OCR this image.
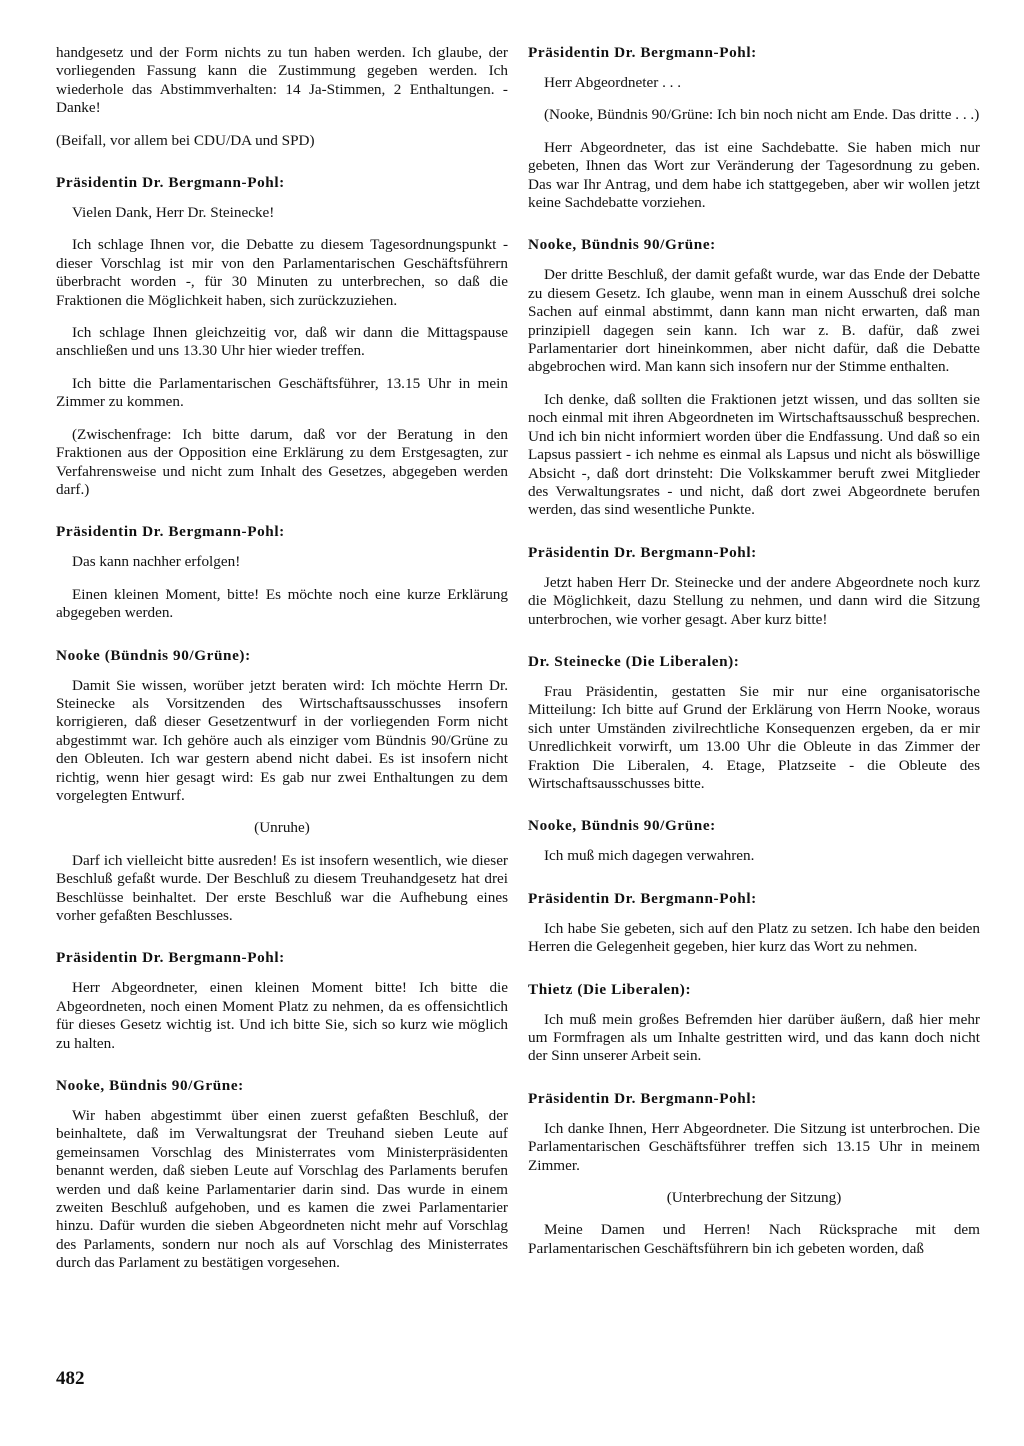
handgesetz und der Form nichts zu tun haben werden. Ich glaube, der vorliegenden Fassung kann die Zustimmung gegeben werden. Ich wiederhole das Abstimmverhalten: 14 Ja-Stimmen, 2 Enthaltungen. - Danke!

(Beifall, vor allem bei CDU/DA und SPD)

Präsidentin Dr. Bergmann-Pohl:

Vielen Dank, Herr Dr. Steinecke!

Ich schlage Ihnen vor, die Debatte zu diesem Tagesordnungspunkt - dieser Vorschlag ist mir von den Parlamentarischen Geschäftsführern überbracht worden -, für 30 Minuten zu unterbrechen, so daß die Fraktionen die Möglichkeit haben, sich zurückzuziehen.

Ich schlage Ihnen gleichzeitig vor, daß wir dann die Mittagspause anschließen und uns 13.30 Uhr hier wieder treffen.

Ich bitte die Parlamentarischen Geschäftsführer, 13.15 Uhr in mein Zimmer zu kommen.

(Zwischenfrage: Ich bitte darum, daß vor der Beratung in den Fraktionen aus der Opposition eine Erklärung zu dem Erstgesagten, zur Verfahrensweise und nicht zum Inhalt des Gesetzes, abgegeben werden darf.)

Präsidentin Dr. Bergmann-Pohl:

Das kann nachher erfolgen!

Einen kleinen Moment, bitte! Es möchte noch eine kurze Erklärung abgegeben werden.

Nooke (Bündnis 90/Grüne):

Damit Sie wissen, worüber jetzt beraten wird: Ich möchte Herrn Dr. Steinecke als Vorsitzenden des Wirtschaftsausschusses insofern korrigieren, daß dieser Gesetzentwurf in der vorliegenden Form nicht abgestimmt war. Ich gehöre auch als einziger vom Bündnis 90/Grüne zu den Obleuten. Ich war gestern abend nicht dabei. Es ist insofern nicht richtig, wenn hier gesagt wird: Es gab nur zwei Enthaltungen zu dem vorgelegten Entwurf.

(Unruhe)

Darf ich vielleicht bitte ausreden! Es ist insofern wesentlich, wie dieser Beschluß gefaßt wurde. Der Beschluß zu diesem Treuhandgesetz hat drei Beschlüsse beinhaltet. Der erste Beschluß war die Aufhebung eines vorher gefaßten Beschlusses.

Präsidentin Dr. Bergmann-Pohl:

Herr Abgeordneter, einen kleinen Moment bitte! Ich bitte die Abgeordneten, noch einen Moment Platz zu nehmen, da es offensichtlich für dieses Gesetz wichtig ist. Und ich bitte Sie, sich so kurz wie möglich zu halten.

Nooke, Bündnis 90/Grüne:

Wir haben abgestimmt über einen zuerst gefaßten Beschluß, der beinhaltete, daß im Verwaltungsrat der Treuhand sieben Leute auf gemeinsamen Vorschlag des Ministerrates vom Ministerpräsidenten benannt werden, daß sieben Leute auf Vorschlag des Parlaments berufen werden und daß keine Parlamentarier darin sind. Das wurde in einem zweiten Beschluß aufgehoben, und es kamen die zwei Parlamentarier hinzu. Dafür wurden die sieben Abgeordneten nicht mehr auf Vorschlag des Parlaments, sondern nur noch als auf Vorschlag des Ministerrates durch das Parlament zu bestätigen vorgesehen.

Präsidentin Dr. Bergmann-Pohl:

Herr Abgeordneter . . .

(Nooke, Bündnis 90/Grüne: Ich bin noch nicht am Ende. Das dritte . . .)

Herr Abgeordneter, das ist eine Sachdebatte. Sie haben mich nur gebeten, Ihnen das Wort zur Veränderung der Tagesordnung zu geben. Das war Ihr Antrag, und dem habe ich stattgegeben, aber wir wollen jetzt keine Sachdebatte vorziehen.

Nooke, Bündnis 90/Grüne:

Der dritte Beschluß, der damit gefaßt wurde, war das Ende der Debatte zu diesem Gesetz. Ich glaube, wenn man in einem Ausschuß drei solche Sachen auf einmal abstimmt, dann kann man nicht erwarten, daß man prinzipiell dagegen sein kann. Ich war z. B. dafür, daß zwei Parlamentarier dort hineinkommen, aber nicht dafür, daß die Debatte abgebrochen wird. Man kann sich insofern nur der Stimme enthalten.

Ich denke, daß sollten die Fraktionen jetzt wissen, und das sollten sie noch einmal mit ihren Abgeordneten im Wirtschaftsausschuß besprechen. Und ich bin nicht informiert worden über die Endfassung. Und daß so ein Lapsus passiert - ich nehme es einmal als Lapsus und nicht als böswillige Absicht -, daß dort drinsteht: Die Volkskammer beruft zwei Mitglieder des Verwaltungsrates - und nicht, daß dort zwei Abgeordnete berufen werden, das sind wesentliche Punkte.

Präsidentin Dr. Bergmann-Pohl:

Jetzt haben Herr Dr. Steinecke und der andere Abgeordnete noch kurz die Möglichkeit, dazu Stellung zu nehmen, und dann wird die Sitzung unterbrochen, wie vorher gesagt. Aber kurz bitte!

Dr. Steinecke (Die Liberalen):

Frau Präsidentin, gestatten Sie mir nur eine organisatorische Mitteilung: Ich bitte auf Grund der Erklärung von Herrn Nooke, woraus sich unter Umständen zivilrechtliche Konsequenzen ergeben, da er mir Unredlichkeit vorwirft, um 13.00 Uhr die Obleute in das Zimmer der Fraktion Die Liberalen, 4. Etage, Platzseite - die Obleute des Wirtschaftsausschusses bitte.

Nooke, Bündnis 90/Grüne:

Ich muß mich dagegen verwahren.

Präsidentin Dr. Bergmann-Pohl:

Ich habe Sie gebeten, sich auf den Platz zu setzen. Ich habe den beiden Herren die Gelegenheit gegeben, hier kurz das Wort zu nehmen.

Thietz (Die Liberalen):

Ich muß mein großes Befremden hier darüber äußern, daß hier mehr um Formfragen als um Inhalte gestritten wird, und das kann doch nicht der Sinn unserer Arbeit sein.

Präsidentin Dr. Bergmann-Pohl:

Ich danke Ihnen, Herr Abgeordneter. Die Sitzung ist unterbrochen. Die Parlamentarischen Geschäftsführer treffen sich 13.15 Uhr in meinem Zimmer.

(Unterbrechung der Sitzung)

Meine Damen und Herren! Nach Rücksprache mit dem Parlamentarischen Geschäftsführern bin ich gebeten worden, daß

482
